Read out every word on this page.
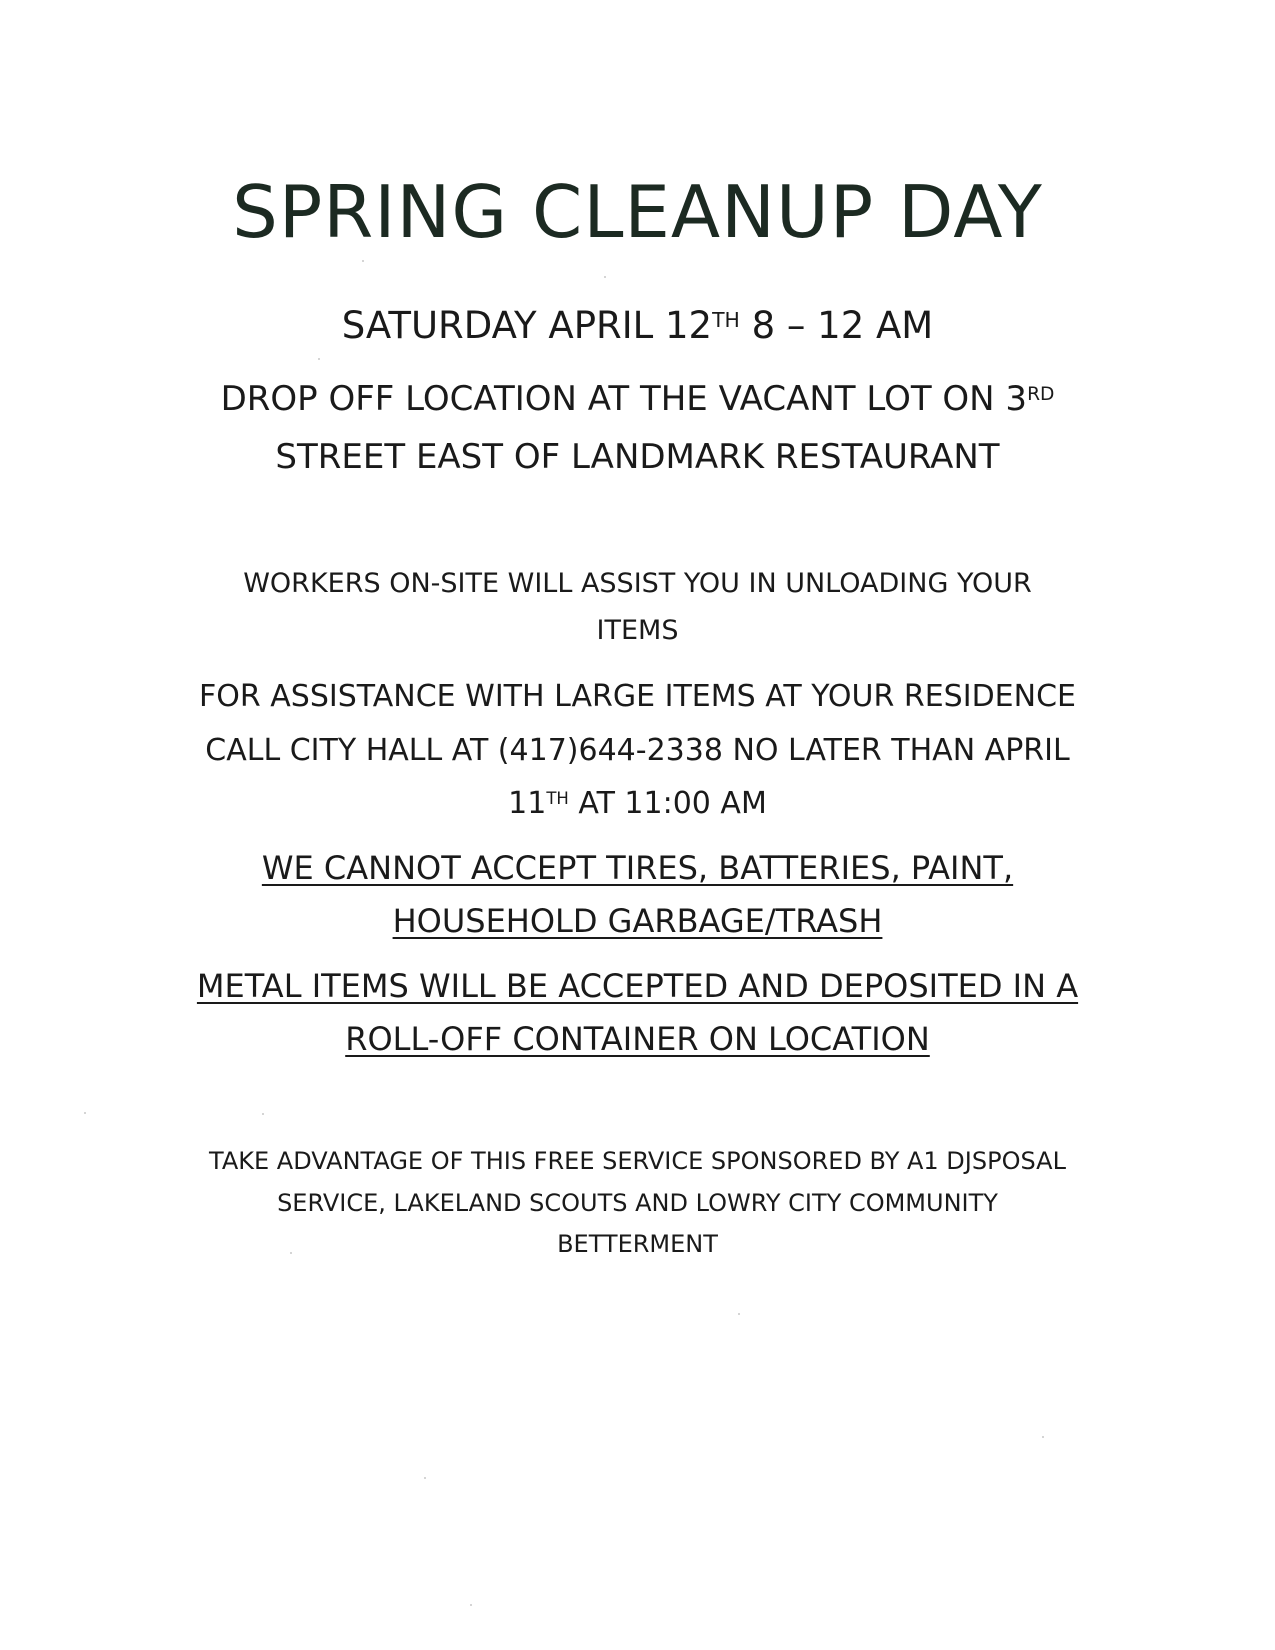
SPRING CLEANUP DAY
SATURDAY APRIL 12TH 8 – 12 AM
DROP OFF LOCATION AT THE VACANT LOT ON 3RD
STREET EAST OF LANDMARK RESTAURANT
WORKERS ON-SITE WILL ASSIST YOU IN UNLOADING YOUR
ITEMS
FOR ASSISTANCE WITH LARGE ITEMS AT YOUR RESIDENCE
CALL CITY HALL AT (417)644-2338 NO LATER THAN APRIL
11TH AT 11:00 AM
WE CANNOT ACCEPT TIRES, BATTERIES, PAINT,
HOUSEHOLD GARBAGE/TRASH
METAL ITEMS WILL BE ACCEPTED AND DEPOSITED IN A
ROLL-OFF CONTAINER ON LOCATION
TAKE ADVANTAGE OF THIS FREE SERVICE SPONSORED BY A1 DJSPOSAL
SERVICE, LAKELAND SCOUTS AND LOWRY CITY COMMUNITY
BETTERMENT
